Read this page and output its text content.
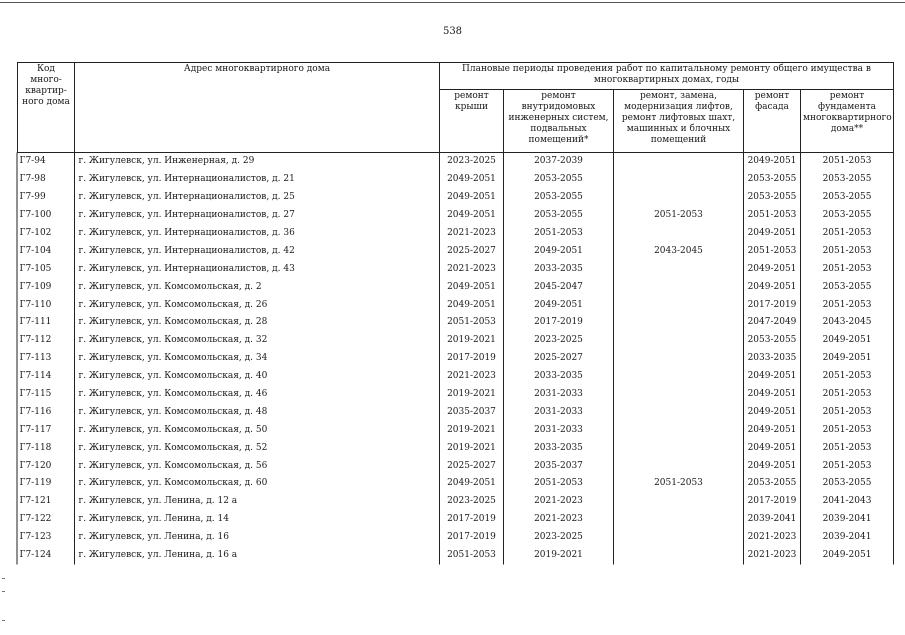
538
Код много-квартир-ного дома	Адрес многоквартирного дома	Плановые периоды проведения работ по капитальному ремонту общего имущества в многоквартирных домах, годы				
		ремонт крыши	ремонт внутридомовых инженерных систем, подвальных помещений*	ремонт, замена, модернизация лифтов, ремонт лифтовых шахт, машинных и блочных помещений	ремонт фасада	ремонт фундамента многоквартирного дома**
Г7-94	г. Жигулевск, ул. Инженерная, д. 29	2023-2025	2037-2039		2049-2051	2051-2053
Г7-98	г. Жигулевск, ул. Интернационалистов, д. 21	2049-2051	2053-2055		2053-2055	2053-2055
Г7-99	г. Жигулевск, ул. Интернационалистов, д. 25	2049-2051	2053-2055		2053-2055	2053-2055
Г7-100	г. Жигулевск, ул. Интернационалистов, д. 27	2049-2051	2053-2055	2051-2053	2051-2053	2053-2055
Г7-102	г. Жигулевск, ул. Интернационалистов, д. 36	2021-2023	2051-2053		2049-2051	2051-2053
Г7-104	г. Жигулевск, ул. Интернационалистов, д. 42	2025-2027	2049-2051	2043-2045	2051-2053	2051-2053
Г7-105	г. Жигулевск, ул. Интернационалистов, д. 43	2021-2023	2033-2035		2049-2051	2051-2053
Г7-109	г. Жигулевск, ул. Комсомольская, д. 2	2049-2051	2045-2047		2049-2051	2053-2055
Г7-110	г. Жигулевск, ул. Комсомольская, д. 26	2049-2051	2049-2051		2017-2019	2051-2053
Г7-111	г. Жигулевск, ул. Комсомольская, д. 28	2051-2053	2017-2019		2047-2049	2043-2045
Г7-112	г. Жигулевск, ул. Комсомольская, д. 32	2019-2021	2023-2025		2053-2055	2049-2051
Г7-113	г. Жигулевск, ул. Комсомольская, д. 34	2017-2019	2025-2027		2033-2035	2049-2051
Г7-114	г. Жигулевск, ул. Комсомольская, д. 40	2021-2023	2033-2035		2049-2051	2051-2053
Г7-115	г. Жигулевск, ул. Комсомольская, д. 46	2019-2021	2031-2033		2049-2051	2051-2053
Г7-116	г. Жигулевск, ул. Комсомольская, д. 48	2035-2037	2031-2033		2049-2051	2051-2053
Г7-117	г. Жигулевск, ул. Комсомольская, д. 50	2019-2021	2031-2033		2049-2051	2051-2053
Г7-118	г. Жигулевск, ул. Комсомольская, д. 52	2019-2021	2033-2035		2049-2051	2051-2053
Г7-120	г. Жигулевск, ул. Комсомольская, д. 56	2025-2027	2035-2037		2049-2051	2051-2053
Г7-119	г. Жигулевск, ул. Комсомольская, д. 60	2049-2051	2051-2053	2051-2053	2053-2055	2053-2055
Г7-121	г. Жигулевск, ул. Ленина, д. 12 а	2023-2025	2021-2023		2017-2019	2041-2043
Г7-122	г. Жигулевск, ул. Ленина, д. 14	2017-2019	2021-2023		2039-2041	2039-2041
Г7-123	г. Жигулевск, ул. Ленина, д. 16	2017-2019	2023-2025		2021-2023	2039-2041
Г7-124	г. Жигулевск, ул. Ленина, д. 16 а	2051-2053	2019-2021		2021-2023	2049-2051
